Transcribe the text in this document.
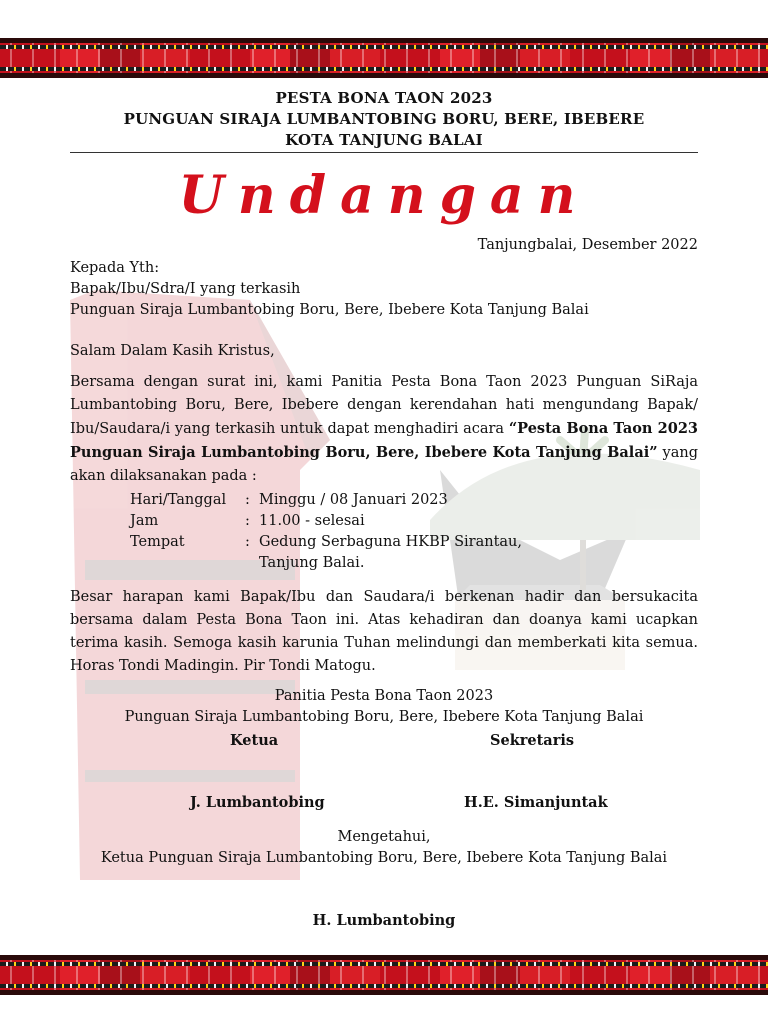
PESTA BONA TAON 2023
PUNGUAN SIRAJA LUMBANTOBING BORU, BERE, IBEBERE
KOTA TANJUNG BALAI
Undangan
Tanjungbalai, Desember 2022
Kepada Yth:
Bapak/Ibu/Sdra/I yang terkasih
Punguan Siraja Lumbantobing Boru, Bere, Ibebere Kota Tanjung Balai
Salam Dalam Kasih Kristus,
Bersama dengan surat ini, kami Panitia Pesta Bona Taon 2023 Punguan SiRaja Lumbantobing Boru, Bere, Ibebere dengan kerendahan hati mengundang Bapak/ Ibu/Saudara/i yang terkasih untuk dapat menghadiri acara “Pesta Bona Taon 2023 Punguan Siraja Lumbantobing Boru, Bere, Ibebere Kota Tanjung Balai” yang akan dilaksanakan pada :
Hari/Tanggal : Minggu / 08 Januari 2023
Jam	: 11.00 - selesai
Tempat	: Gedung Serbaguna HKBP Sirantau,
Tanjung Balai.
Besar harapan kami Bapak/Ibu dan Saudara/i berkenan hadir dan bersukacita bersama dalam Pesta Bona Taon ini. Atas kehadiran dan doanya kami ucapkan terima kasih. Semoga kasih karunia Tuhan melindungi dan memberkati kita semua. Horas Tondi Madingin. Pir Tondi Matogu.
Panitia Pesta Bona Taon 2023
Punguan Siraja Lumbantobing Boru, Bere, Ibebere Kota Tanjung Balai
Ketua	Sekretaris
J. Lumbantobing	H.E. Simanjuntak
Mengetahui,
Ketua Punguan Siraja Lumbantobing Boru, Bere, Ibebere Kota Tanjung Balai
H. Lumbantobing
